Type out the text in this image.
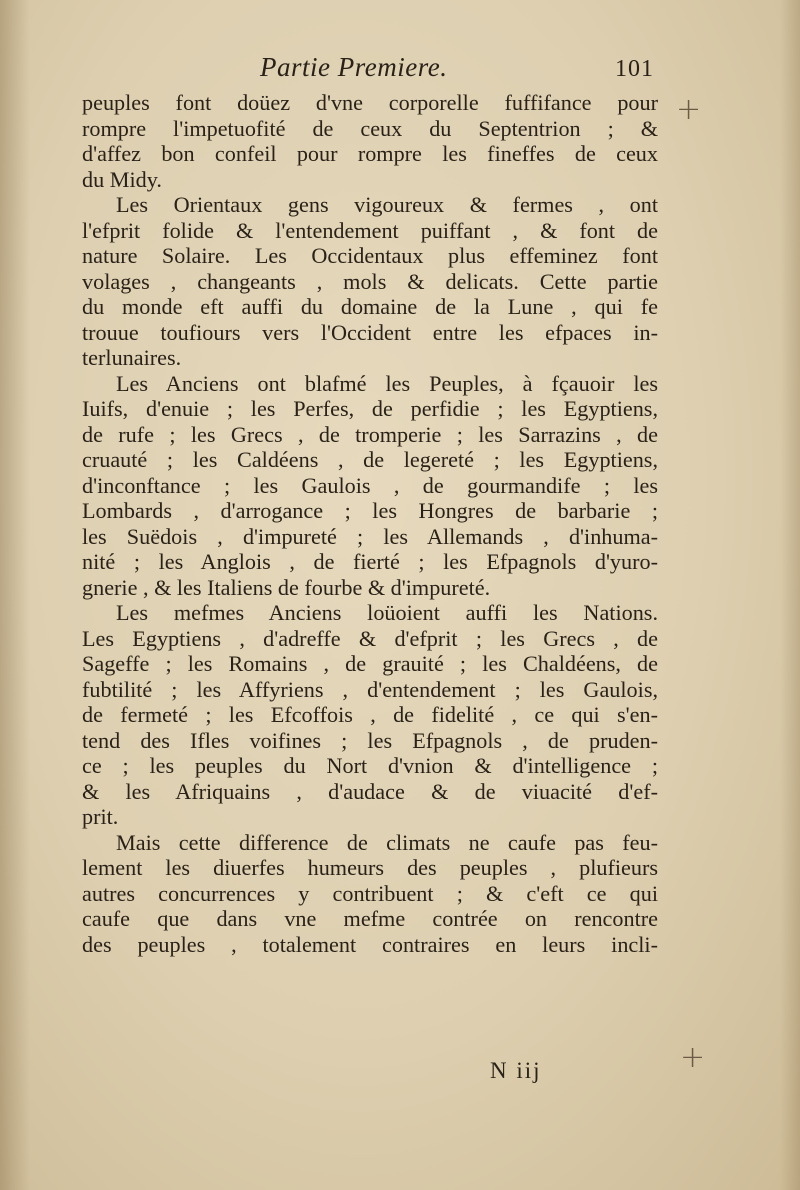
Partie Premiere.	101
peuples font doüez d'vne corporelle fuffifance pour
rompre l'impetuofité de ceux du Septentrion ; &
d'affez bon confeil pour rompre les fineffes de ceux
du Midy.
Les Orientaux gens vigoureux & fermes , ont
l'efprit folide & l'entendement puiffant , & font de
nature Solaire. Les Occidentaux plus effeminez font
volages , changeants , mols & delicats. Cette partie
du monde eft auffi du domaine de la Lune , qui fe
trouue toufiours vers l'Occident entre les efpaces in-
terlunaires.
Les Anciens ont blafmé les Peuples, à fçauoir les
Iuifs, d'enuie ; les Perfes, de perfidie ; les Egyptiens,
de rufe ; les Grecs , de tromperie ; les Sarrazins , de
cruauté ; les Caldéens , de legereté ; les Egyptiens,
d'inconftance ; les Gaulois , de gourmandife ; les
Lombards , d'arrogance ; les Hongres de barbarie ;
les Suëdois , d'impureté ; les Allemands , d'inhuma-
nité ; les Anglois , de fierté ; les Efpagnols d'yuro-
gnerie , & les Italiens de fourbe & d'impureté.
Les mefmes Anciens loüoient auffi les Nations.
Les Egyptiens , d'adreffe & d'efprit ; les Grecs , de
Sageffe ; les Romains , de grauité ; les Chaldéens, de
fubtilité ; les Affyriens , d'entendement ; les Gaulois,
de fermeté ; les Efcoffois , de fidelité , ce qui s'en-
tend des Ifles voifines ; les Efpagnols , de pruden-
ce ; les peuples du Nort d'vnion & d'intelligence ;
& les Afriquains , d'audace & de viuacité d'ef-
prit.
Mais cette difference de climats ne caufe pas feu-
lement les diuerfes humeurs des peuples , plufieurs
autres concurrences y contribuent ; & c'eft ce qui
caufe que dans vne mefme contrée on rencontre
des peuples , totalement contraires en leurs incli-
N iij
+
+
